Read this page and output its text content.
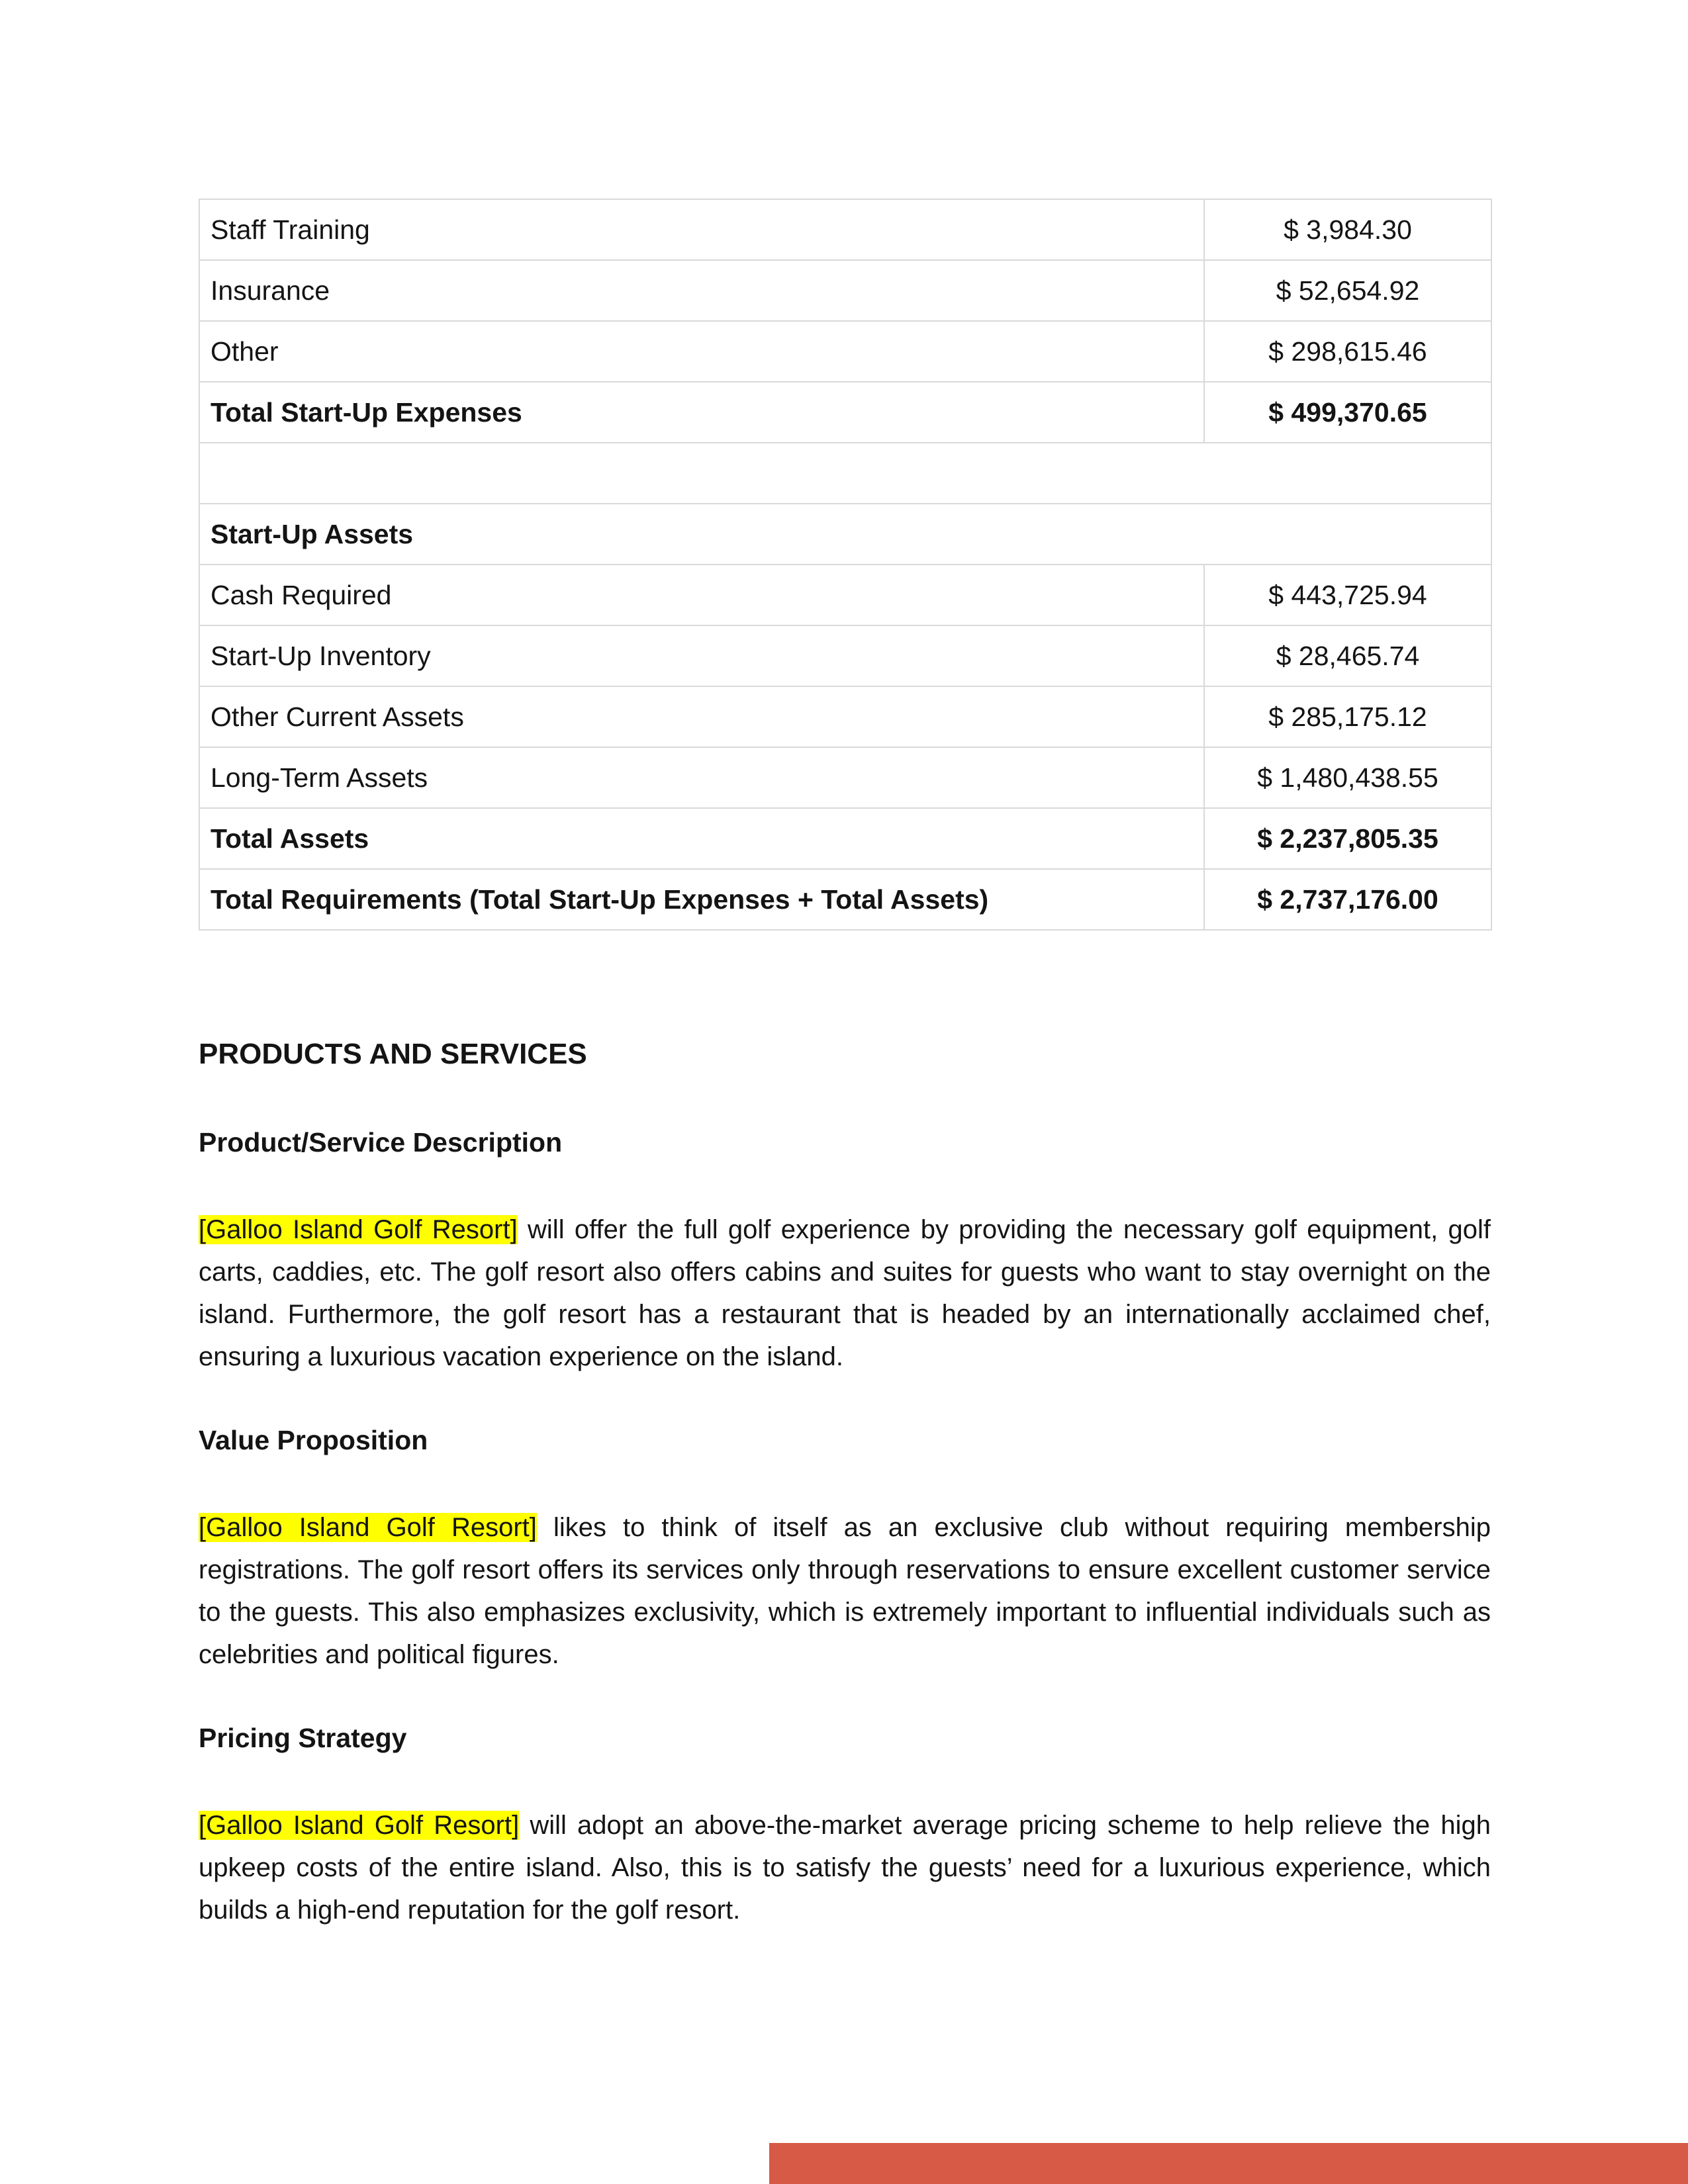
Staff Training	$ 3,984.30
Insurance	$ 52,654.92
Other	$ 298,615.46
Total Start-Up Expenses	$ 499,370.65

Start-Up Assets	
Cash Required	$ 443,725.94
Start-Up Inventory	$ 28,465.74
Other Current Assets	$ 285,175.12
Long-Term Assets	$ 1,480,438.55
Total Assets	$ 2,237,805.35
Total Requirements (Total Start-Up Expenses + Total Assets)	$ 2,737,176.00
PRODUCTS AND SERVICES
Product/Service Description

[Galloo Island Golf Resort] will offer the full golf experience by providing the necessary golf equipment, golf carts, caddies, etc. The golf resort also offers cabins and suites for guests who want to stay overnight on the island. Furthermore, the golf resort has a restaurant that is headed by an internationally acclaimed chef, ensuring a luxurious vacation experience on the island.

Value Proposition

[Galloo Island Golf Resort] likes to think of itself as an exclusive club without requiring membership registrations. The golf resort offers its services only through reservations to ensure excellent customer service to the guests. This also emphasizes exclusivity, which is extremely important to influential individuals such as celebrities and political figures.

Pricing Strategy

[Galloo Island Golf Resort] will adopt an above-the-market average pricing scheme to help relieve the high upkeep costs of the entire island. Also, this is to satisfy the guests’ need for a luxurious experience, which builds a high-end reputation for the golf resort.
